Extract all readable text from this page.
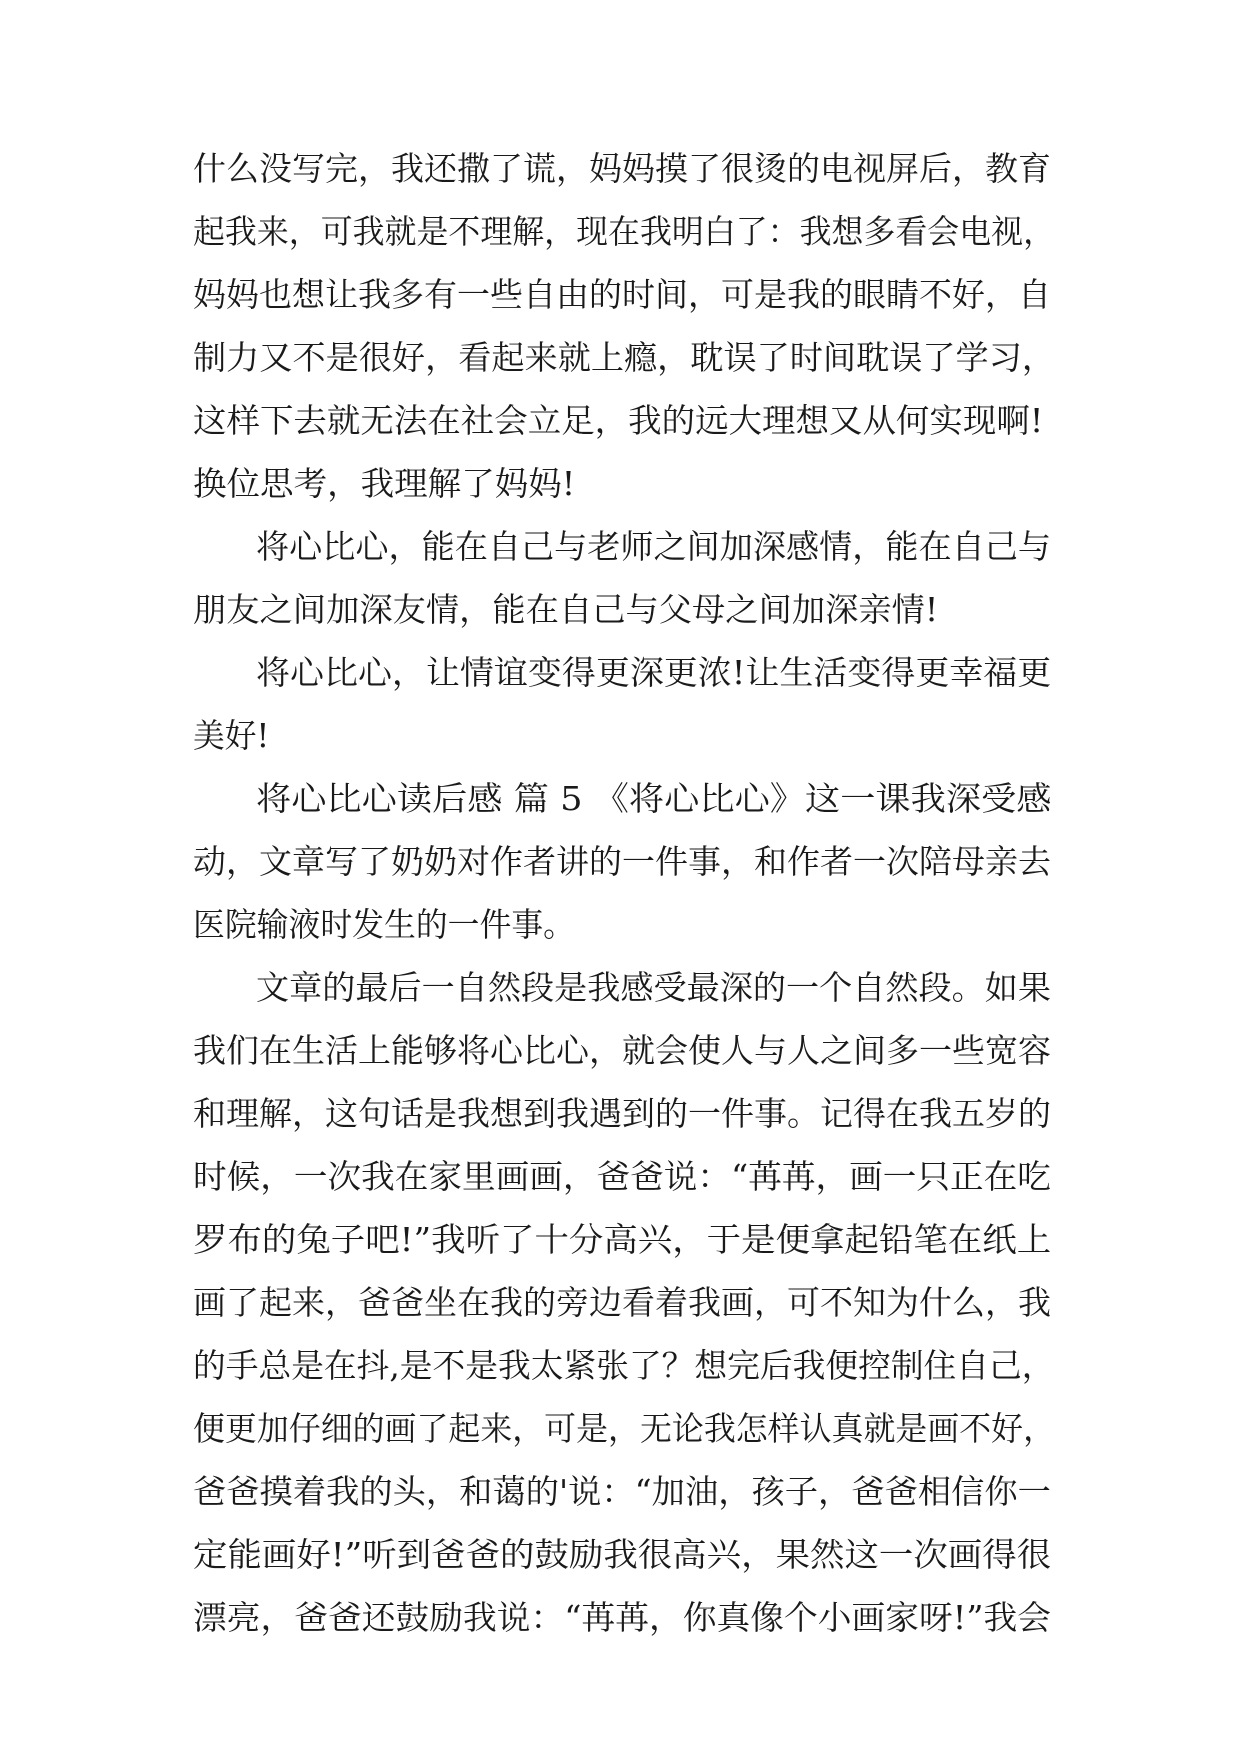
什么没写完，我还撒了谎，妈妈摸了很烫的电视屏后，教育
起我来，可我就是不理解，现在我明白了：我想多看会电视，
妈妈也想让我多有一些自由的时间，可是我的眼睛不好，自
制力又不是很好，看起来就上瘾，耽误了时间耽误了学习，
这样下去就无法在社会立足，我的远大理想又从何实现啊!
换位思考，我理解了妈妈!
将心比心，能在自己与老师之间加深感情，能在自己与
朋友之间加深友情，能在自己与父母之间加深亲情!
将心比心，让情谊变得更深更浓!让生活变得更幸福更
美好!
将心比心读后感 篇 5 《将心比心》这一课我深受感
动，文章写了奶奶对作者讲的一件事，和作者一次陪母亲去
医院输液时发生的一件事。
文章的最后一自然段是我感受最深的一个自然段。如果
我们在生活上能够将心比心，就会使人与人之间多一些宽容
和理解，这句话是我想到我遇到的一件事。记得在我五岁的
时候，一次我在家里画画，爸爸说：“苒苒，画一只正在吃
罗布的兔子吧!”我听了十分高兴，于是便拿起铅笔在纸上
画了起来，爸爸坐在我的旁边看着我画，可不知为什么，我
的手总是在抖,是不是我太紧张了？想完后我便控制住自己，
便更加仔细的画了起来，可是，无论我怎样认真就是画不好，
爸爸摸着我的头，和蔼的'说：“加油，孩子，爸爸相信你一
定能画好!”听到爸爸的鼓励我很高兴，果然这一次画得很
漂亮，爸爸还鼓励我说：“苒苒，你真像个小画家呀!”我会
